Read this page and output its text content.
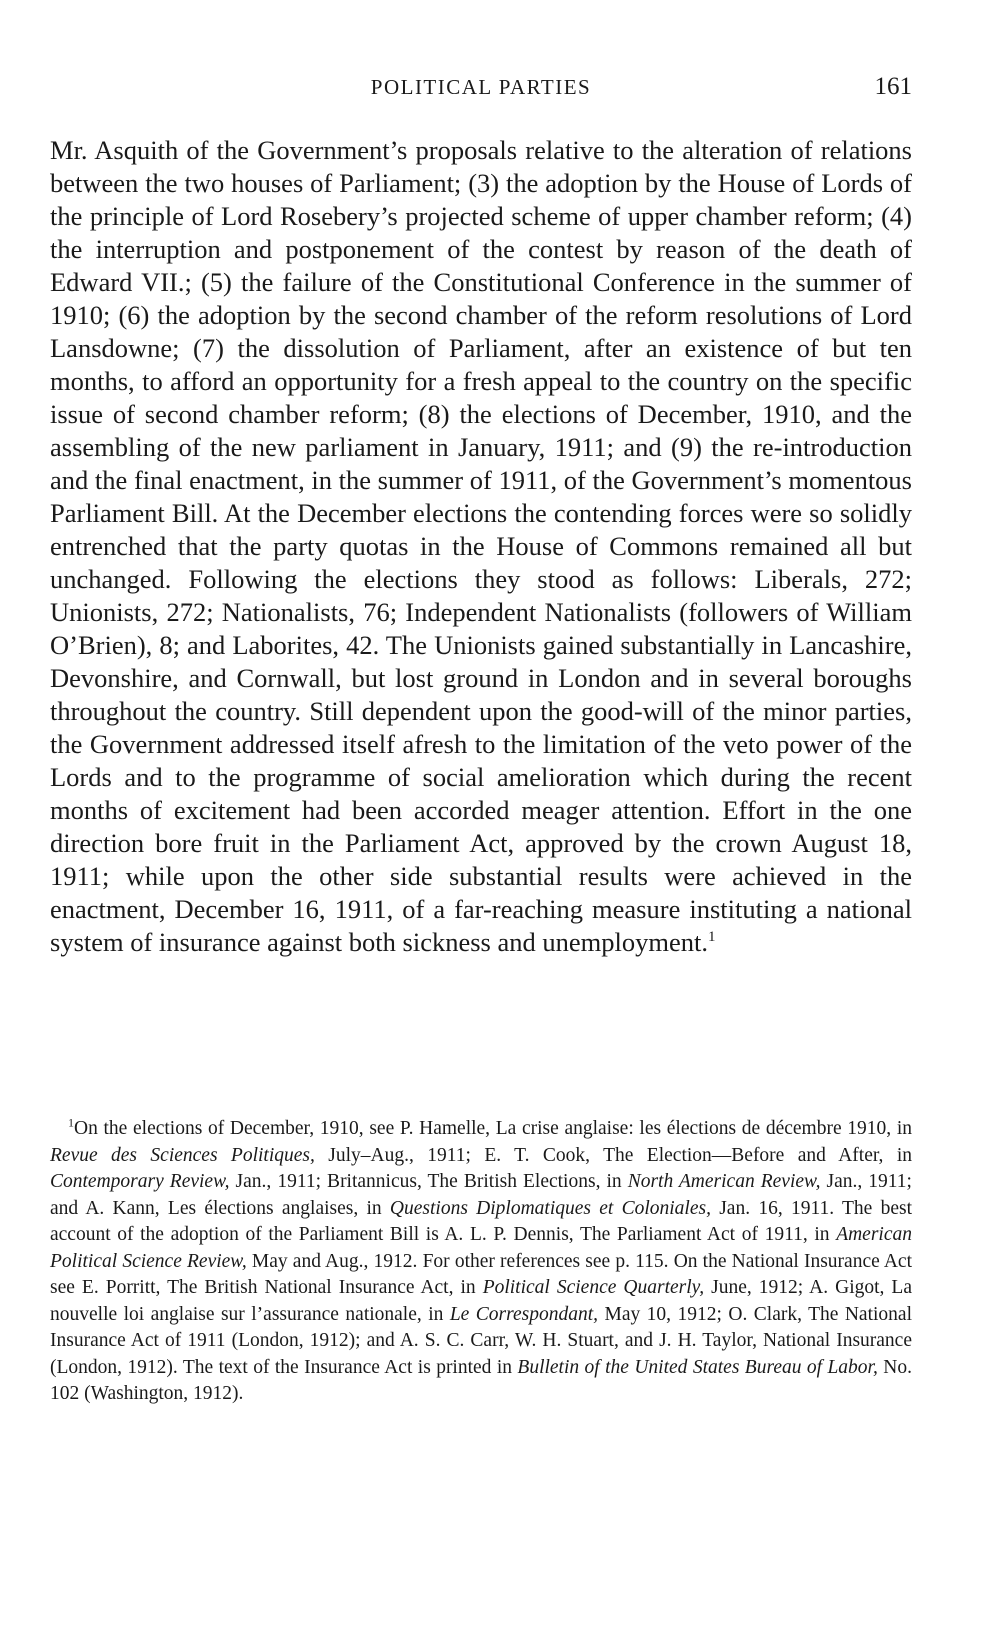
POLITICAL PARTIES	161

Mr. Asquith of the Government’s proposals relative to the alteration of relations between the two houses of Parliament; (3) the adoption by the House of Lords of the principle of Lord Rosebery’s projected scheme of upper chamber reform; (4) the interruption and postponement of the contest by reason of the death of Edward VII.; (5) the failure of the Constitutional Conference in the summer of 1910; (6) the adoption by the second chamber of the reform resolutions of Lord Lansdowne; (7) the dissolution of Parliament, after an existence of but ten months, to afford an opportunity for a fresh appeal to the country on the specific issue of second chamber reform; (8) the elections of December, 1910, and the assembling of the new parliament in January, 1911; and (9) the re-introduction and the final enactment, in the summer of 1911, of the Government’s momentous Parliament Bill. At the December elections the contending forces were so solidly entrenched that the party quotas in the House of Commons remained all but unchanged. Following the elections they stood as follows: Liberals, 272; Unionists, 272; Nationalists, 76; Independent Nationalists (followers of William O’Brien), 8; and Laborites, 42. The Unionists gained substantially in Lancashire, Devonshire, and Cornwall, but lost ground in London and in several boroughs throughout the country. Still dependent upon the good-will of the minor parties, the Government addressed itself afresh to the limitation of the veto power of the Lords and to the programme of social amelioration which during the recent months of excitement had been accorded meager attention. Effort in the one direction bore fruit in the Parliament Act, approved by the crown August 18, 1911; while upon the other side substantial results were achieved in the enactment, December 16, 1911, of a far-reaching measure instituting a national system of insurance against both sickness and unemployment.$^1$

$^1$On the elections of December, 1910, see P. Hamelle, La crise anglaise: les élections de décembre 1910, in Revue des Sciences Politiques, July–Aug., 1911; E. T. Cook, The Election—Before and After, in Contemporary Review, Jan., 1911; Britannicus, The British Elections, in North American Review, Jan., 1911; and A. Kann, Les élections anglaises, in Questions Diplomatiques et Coloniales, Jan. 16, 1911. The best account of the adoption of the Parliament Bill is A. L. P. Dennis, The Parliament Act of 1911, in American Political Science Review, May and Aug., 1912. For other references see p. 115. On the National Insurance Act see E. Porritt, The British National Insurance Act, in Political Science Quarterly, June, 1912; A. Gigot, La nouvelle loi anglaise sur l’assurance nationale, in Le Correspondant, May 10, 1912; O. Clark, The National Insurance Act of 1911 (London, 1912); and A. S. C. Carr, W. H. Stuart, and J. H. Taylor, National Insurance (London, 1912). The text of the Insurance Act is printed in Bulletin of the United States Bureau of Labor, No. 102 (Washington, 1912).
